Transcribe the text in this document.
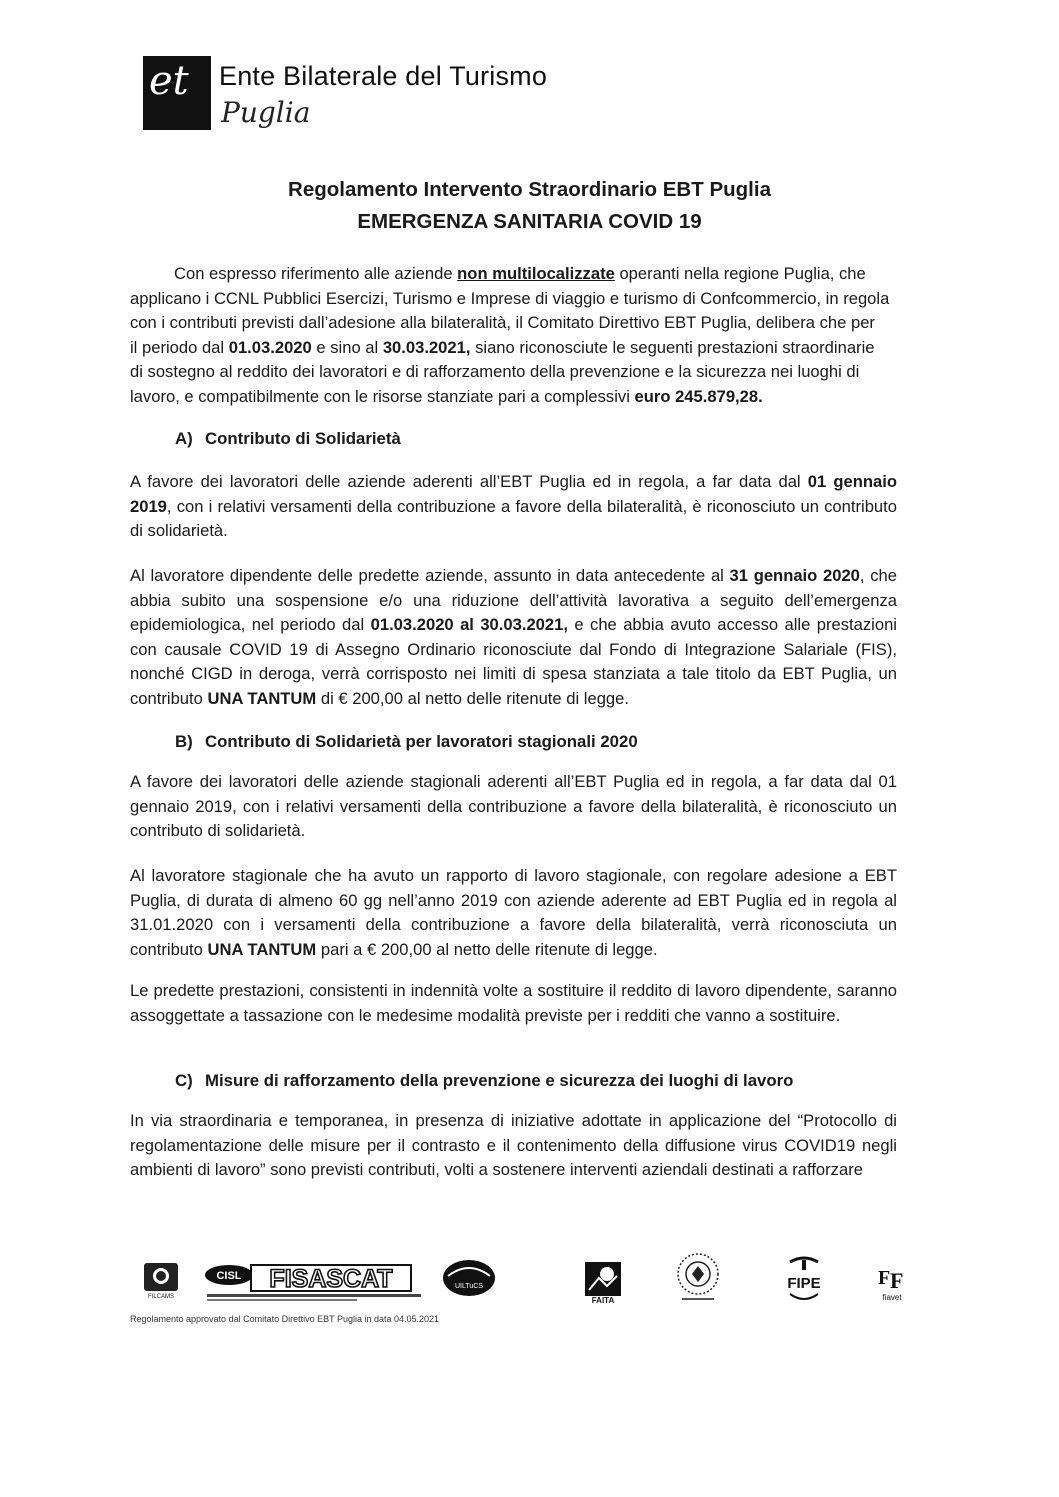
et Ente Bilaterale del Turismo
Puglia
Regolamento Intervento Straordinario EBT Puglia
EMERGENZA SANITARIA COVID 19
Con espresso riferimento alle aziende non multilocalizzate operanti nella regione Puglia, che
applicano i CCNL Pubblici Esercizi, Turismo e Imprese di viaggio e turismo di Confcommercio, in regola
con i contributi previsti dall’adesione alla bilateralità, il Comitato Direttivo EBT Puglia, delibera che per
il periodo dal 01.03.2020 e sino al 30.03.2021, siano riconosciute le seguenti prestazioni straordinarie
di sostegno al reddito dei lavoratori e di rafforzamento della prevenzione e la sicurezza nei luoghi di
lavoro, e compatibilmente con le risorse stanziate pari a complessivi euro 245.879,28.
A) Contributo di Solidarietà
A favore dei lavoratori delle aziende aderenti all’EBT Puglia ed in regola, a far data dal 01 gennaio 2019, con i relativi versamenti della contribuzione a favore della bilateralità, è riconosciuto un contributo di solidarietà.
Al lavoratore dipendente delle predette aziende, assunto in data antecedente al 31 gennaio 2020, che abbia subito una sospensione e/o una riduzione dell’attività lavorativa a seguito dell’emergenza epidemiologica, nel periodo dal 01.03.2020 al 30.03.2021, e che abbia avuto accesso alle prestazioni con causale COVID 19 di Assegno Ordinario riconosciute dal Fondo di Integrazione Salariale (FIS), nonché CIGD in deroga, verrà corrisposto nei limiti di spesa stanziata a tale titolo da EBT Puglia, un contributo UNA TANTUM di € 200,00 al netto delle ritenute di legge.
B) Contributo di Solidarietà per lavoratori stagionali 2020
A favore dei lavoratori delle aziende stagionali aderenti all’EBT Puglia ed in regola, a far data dal 01 gennaio 2019, con i relativi versamenti della contribuzione a favore della bilateralità, è riconosciuto un contributo di solidarietà.
Al lavoratore stagionale che ha avuto un rapporto di lavoro stagionale, con regolare adesione a EBT Puglia, di durata di almeno 60 gg nell’anno 2019 con aziende aderente ad EBT Puglia ed in regola al 31.01.2020 con i versamenti della contribuzione a favore della bilateralità, verrà riconosciuta un contributo UNA TANTUM pari a € 200,00 al netto delle ritenute di legge.
Le predette prestazioni, consistenti in indennità volte a sostituire il reddito di lavoro dipendente, saranno assoggettate a tassazione con le medesime modalità previste per i redditi che vanno a sostituire.
C) Misure di rafforzamento della prevenzione e sicurezza dei luoghi di lavoro
In via straordinaria e temporanea, in presenza di iniziative adottate in applicazione del “Protocollo di regolamentazione delle misure per il contrasto e il contenimento della diffusione virus COVID19 negli ambienti di lavoro” sono previsti contributi, volti a sostenere interventi aziendali destinati a rafforzare
FILCAMS
CISL FISASCAT	UILTuCS
FAITA
FIPE	F F
fiavet
Regolamento approvato dal Comitato Direttivo EBT Puglia in data 04.05.2021
